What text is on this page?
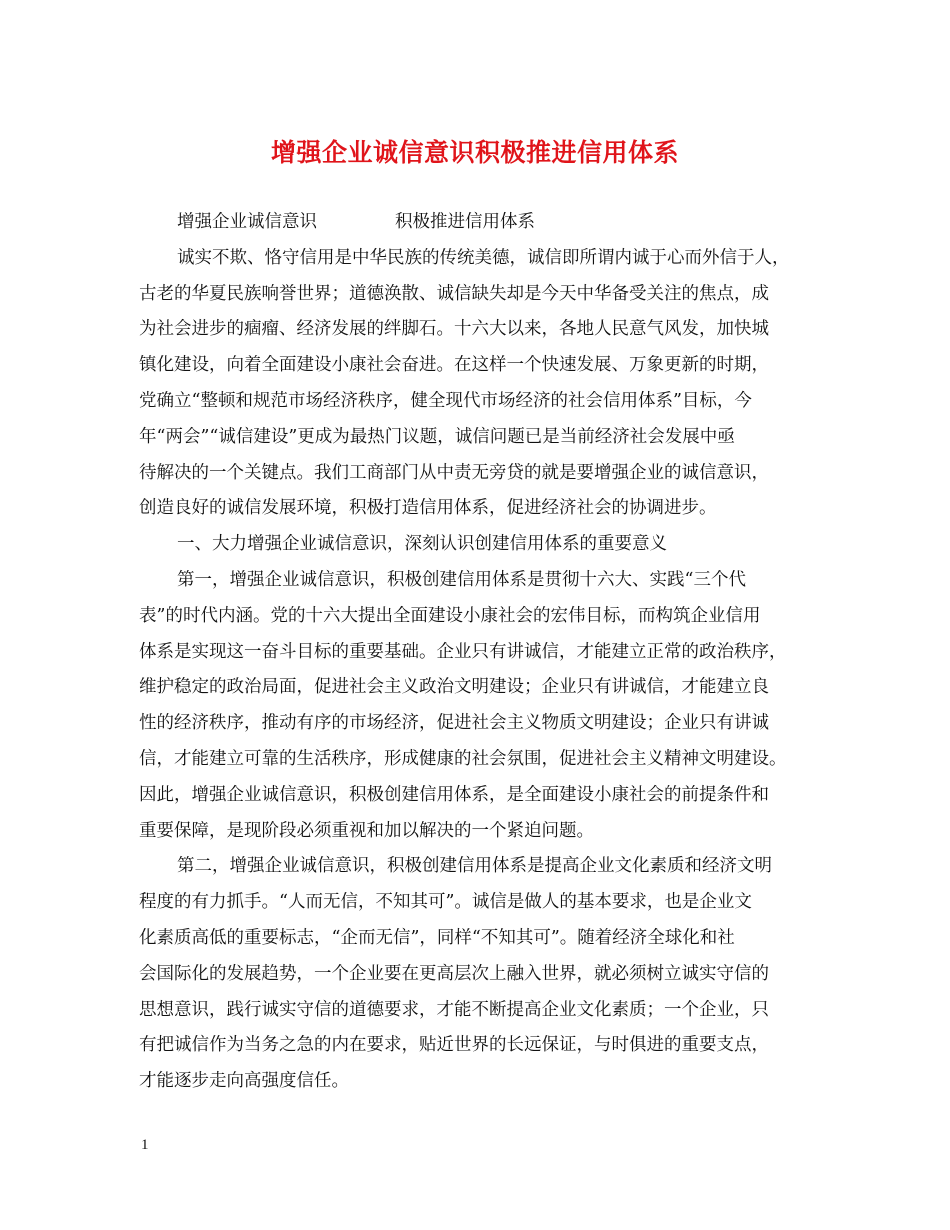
增强企业诚信意识积极推进信用体系
增强企业诚信意识	积极推进信用体系
诚实不欺、恪守信用是中华民族的传统美德，诚信即所谓内诚于心而外信于人，
古老的华夏民族响誉世界；道德涣散、诚信缺失却是今天中华备受关注的焦点，成
为社会进步的痼瘤、经济发展的绊脚石。十六大以来，各地人民意气风发，加快城
镇化建设，向着全面建设小康社会奋进。在这样一个快速发展、万象更新的时期，
党确立“整顿和规范市场经济秩序，健全现代市场经济的社会信用体系”目标，今
年“两会”“诚信建设”更成为最热门议题，诚信问题已是当前经济社会发展中亟
待解决的一个关键点。我们工商部门从中责无旁贷的就是要增强企业的诚信意识，
创造良好的诚信发展环境，积极打造信用体系，促进经济社会的协调进步。
一、大力增强企业诚信意识，深刻认识创建信用体系的重要意义
第一，增强企业诚信意识，积极创建信用体系是贯彻十六大、实践“三个代
表”的时代内涵。党的十六大提出全面建设小康社会的宏伟目标，而构筑企业信用
体系是实现这一奋斗目标的重要基础。企业只有讲诚信，才能建立正常的政治秩序，
维护稳定的政治局面，促进社会主义政治文明建设；企业只有讲诚信，才能建立良
性的经济秩序，推动有序的市场经济，促进社会主义物质文明建设；企业只有讲诚
信，才能建立可靠的生活秩序，形成健康的社会氛围，促进社会主义精神文明建设。
因此，增强企业诚信意识，积极创建信用体系，是全面建设小康社会的前提条件和
重要保障，是现阶段必须重视和加以解决的一个紧迫问题。
第二，增强企业诚信意识，积极创建信用体系是提高企业文化素质和经济文明
程度的有力抓手。“人而无信，不知其可”。诚信是做人的基本要求，也是企业文
化素质高低的重要标志，“企而无信”，同样“不知其可”。随着经济全球化和社
会国际化的发展趋势，一个企业要在更高层次上融入世界，就必须树立诚实守信的
思想意识，践行诚实守信的道德要求，才能不断提高企业文化素质；一个企业，只
有把诚信作为当务之急的内在要求，贴近世界的长远保证，与时俱进的重要支点，
才能逐步走向高强度信任。
1
